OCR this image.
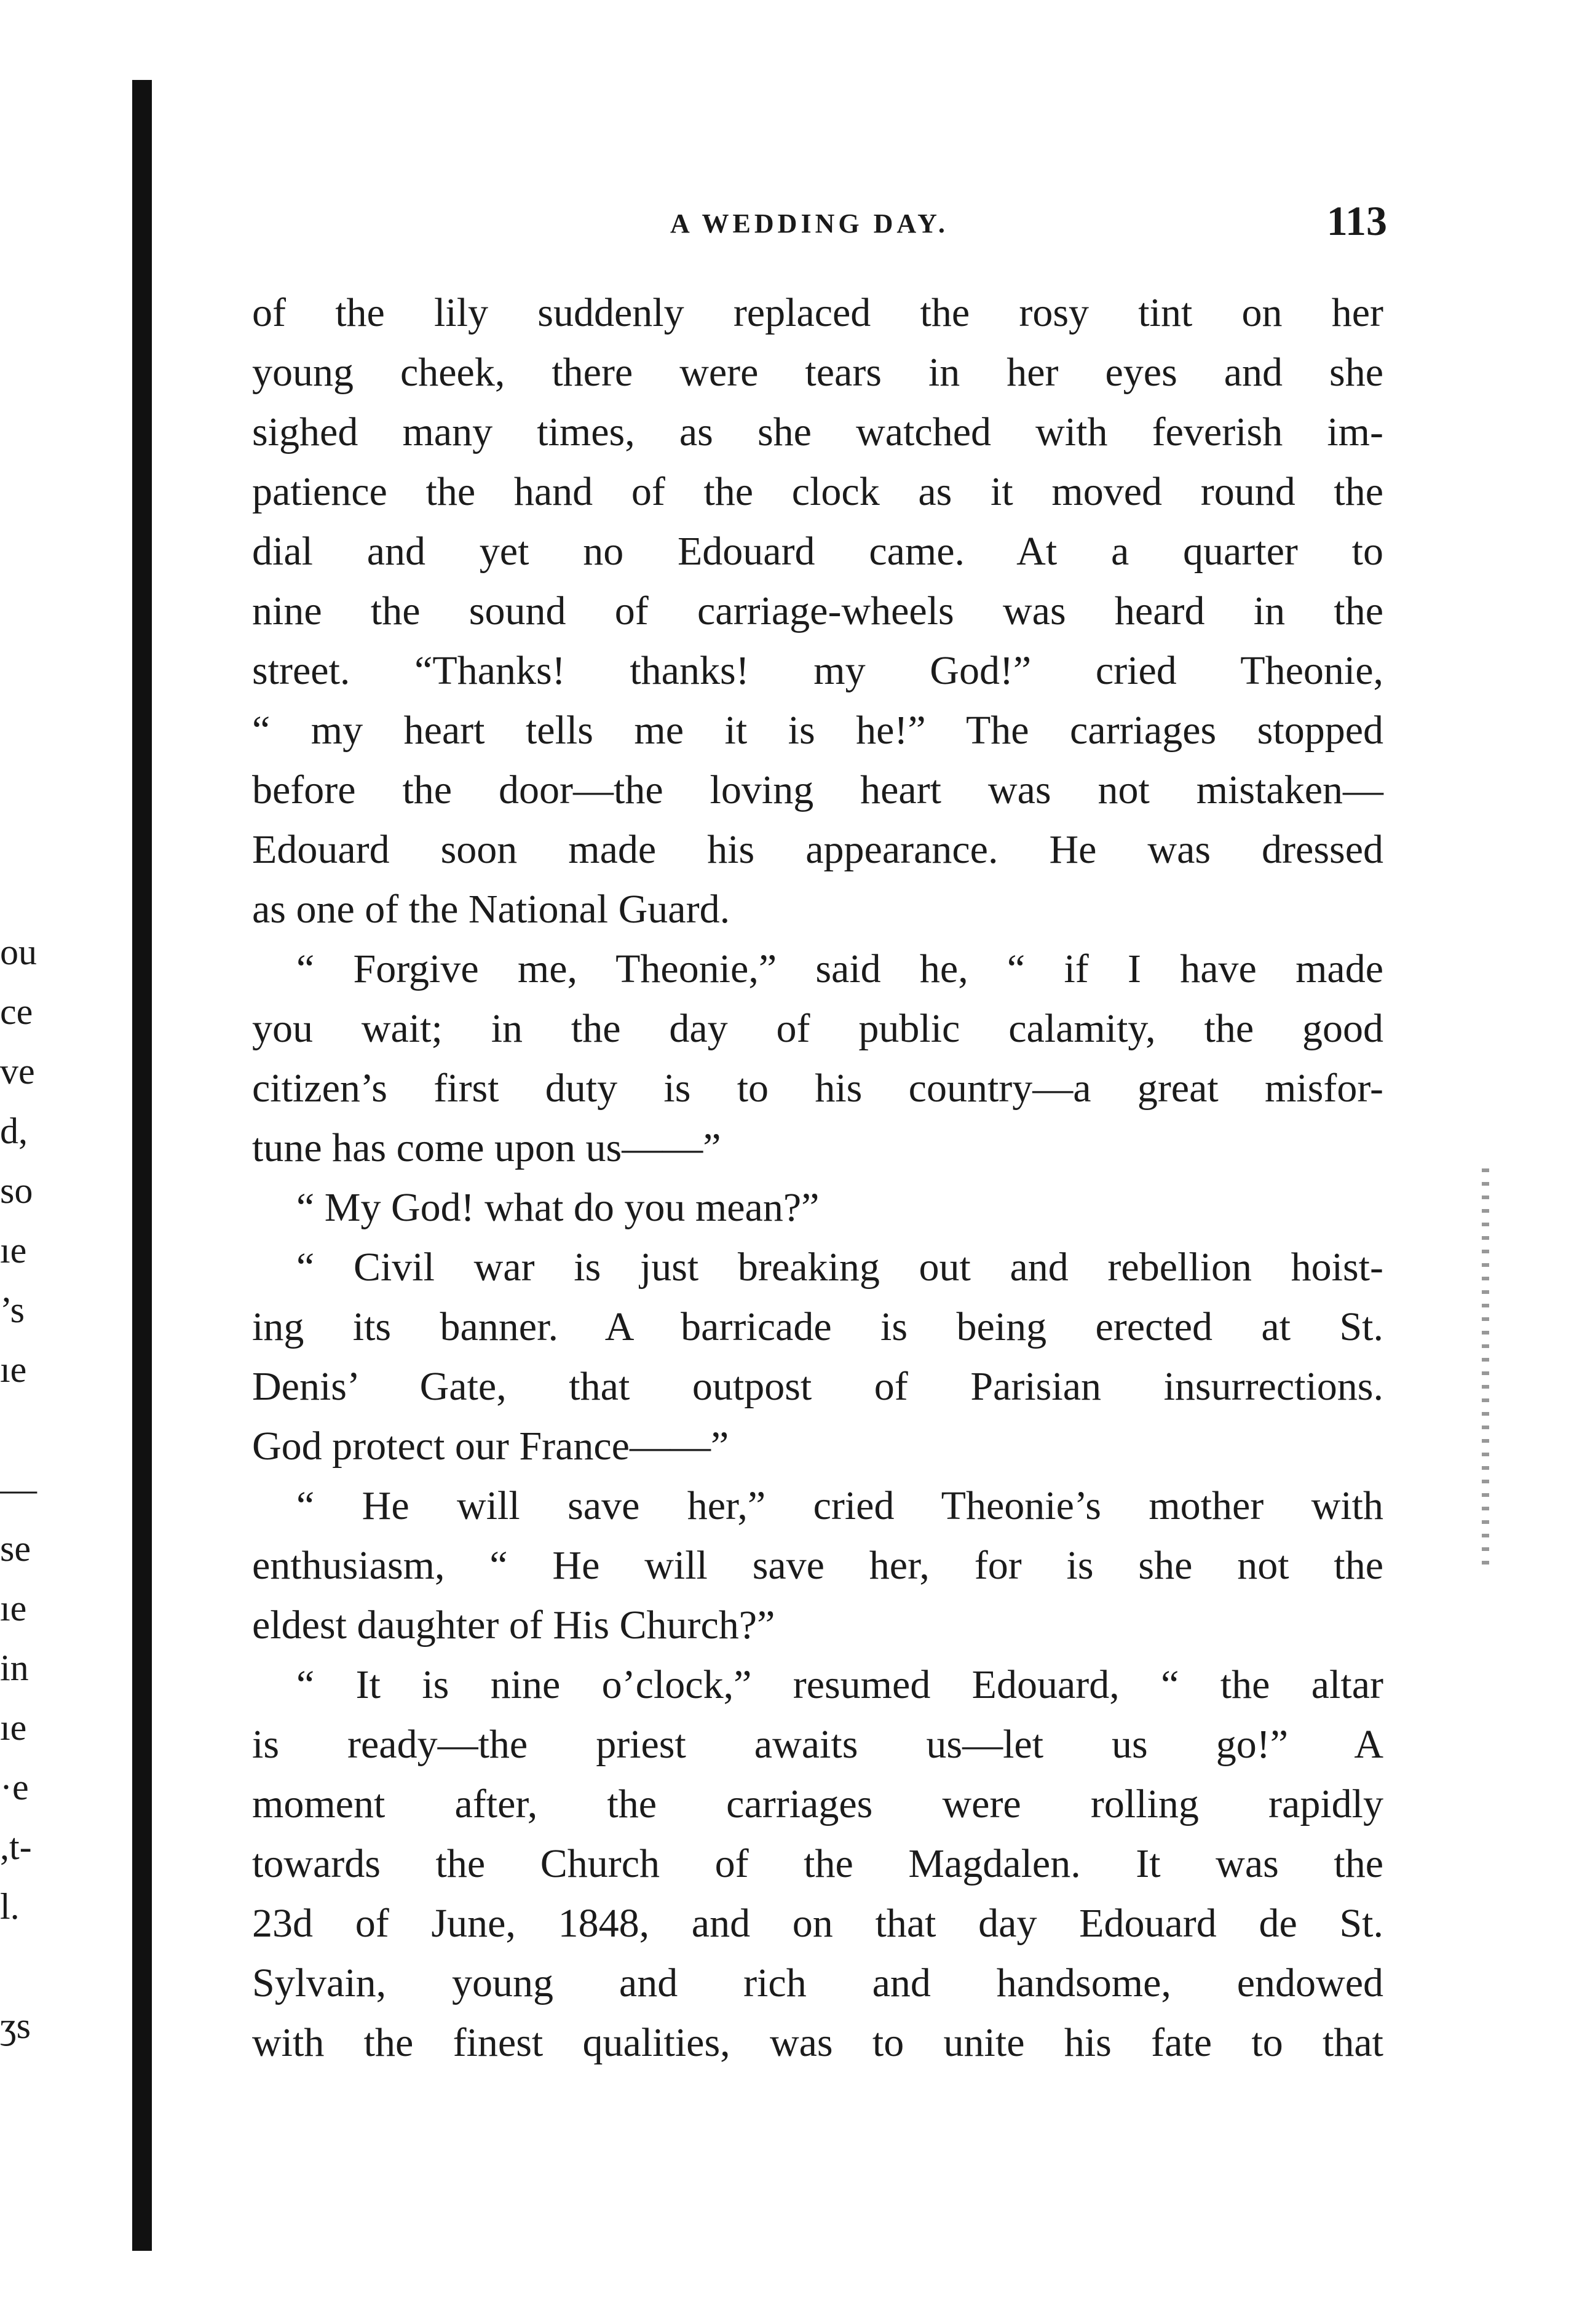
ou
ce
ve
d,
so
ıe
’s
ıe
—
se
ıe
in
ıe
·e
,t-
l.
ʒs
A WEDDING DAY.	113
of the lily suddenly replaced the rosy tint on her
young cheek, there were tears in her eyes and she
sighed many times, as she watched with feverish im-
patience the hand of the clock as it moved round the
dial and yet no Edouard came. At a quarter to
nine the sound of carriage-wheels was heard in the
street. “Thanks! thanks! my God!” cried Theonie,
“ my heart tells me it is he!” The carriages stopped
before the door—the loving heart was not mistaken—
Edouard soon made his appearance. He was dressed
as one of the National Guard.
“ Forgive me, Theonie,” said he, “ if I have made
you wait; in the day of public calamity, the good
citizen’s first duty is to his country—a great misfor-
tune has come upon us——”
“ My God! what do you mean?”
“ Civil war is just breaking out and rebellion hoist-
ing its banner. A barricade is being erected at St.
Denis’ Gate, that outpost of Parisian insurrections.
God protect our France——”
“ He will save her,” cried Theonie’s mother with
enthusiasm, “ He will save her, for is she not the
eldest daughter of His Church?”
“ It is nine o’clock,” resumed Edouard, “ the altar
is ready—the priest awaits us—let us go!” A
moment after, the carriages were rolling rapidly
towards the Church of the Magdalen. It was the
23d of June, 1848, and on that day Edouard de St.
Sylvain, young and rich and handsome, endowed
with the finest qualities, was to unite his fate to that
